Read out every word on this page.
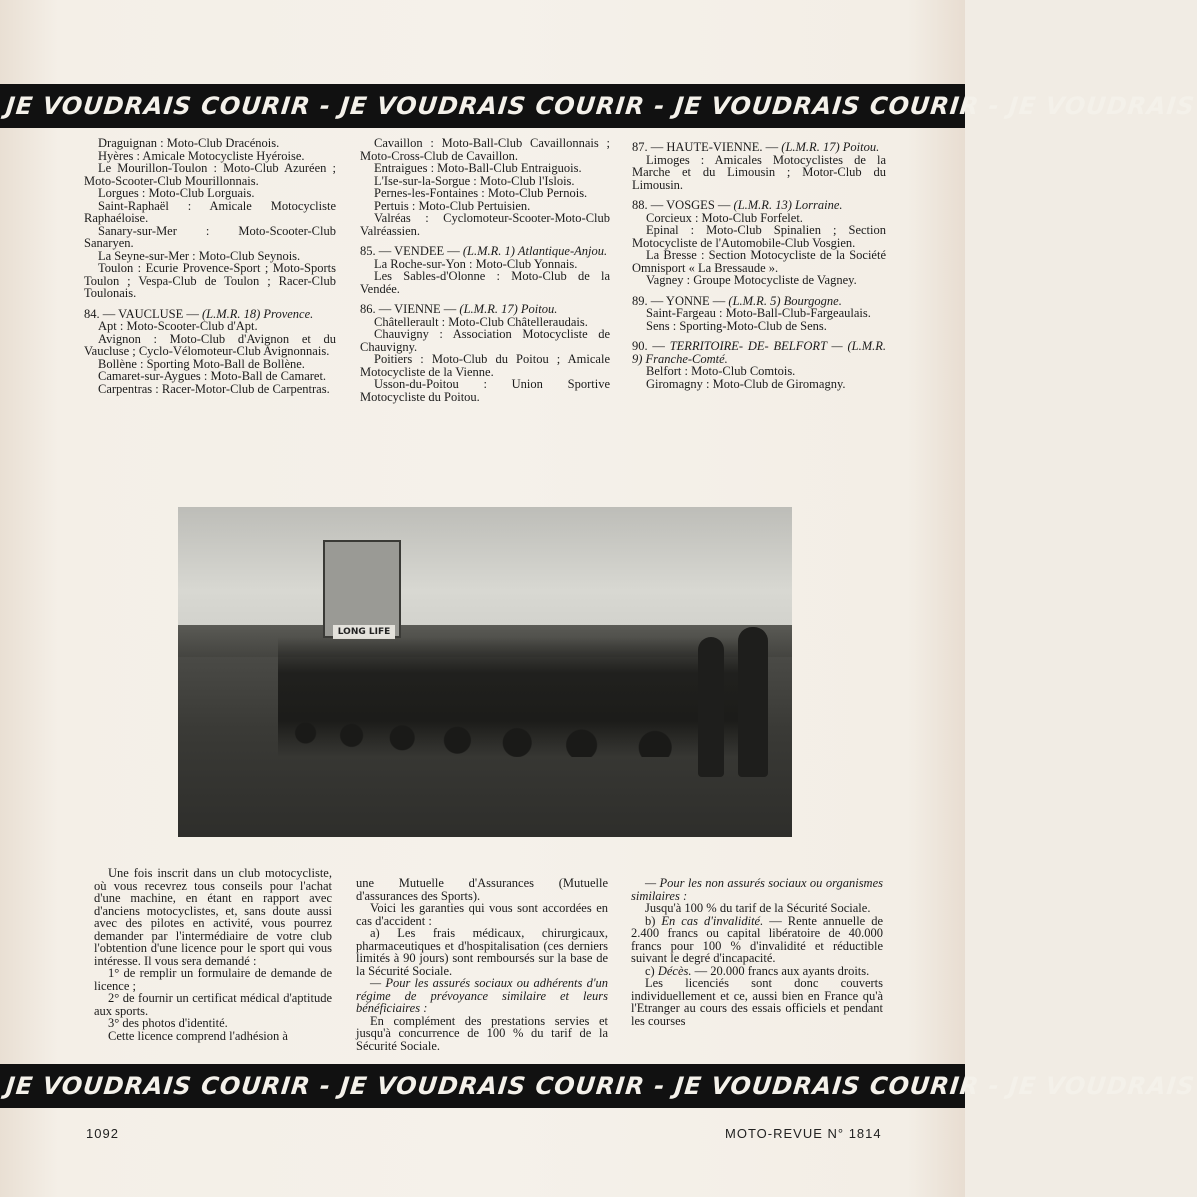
JE VOUDRAIS COURIR - JE VOUDRAIS COURIR - JE VOUDRAIS COURIR - JE VOUDRAIS

Draguignan : Moto-Club Dracénois.

Hyères : Amicale Motocycliste Hyéroise.

Le Mourillon-Toulon : Moto-Club Azuréen ; Moto-Scooter-Club Mourillonnais.

Lorgues : Moto-Club Lorguais.

Saint-Raphaël : Amicale Motocycliste Raphaéloise.

Sanary-sur-Mer : Moto-Scooter-Club Sanaryen.

La Seyne-sur-Mer : Moto-Club Seynois.

Toulon : Ecurie Provence-Sport ; Moto-Sports Toulon ; Vespa-Club de Toulon ; Racer-Club Toulonais.

84. — VAUCLUSE — (L.M.R. 18) Provence.

Apt : Moto-Scooter-Club d'Apt.

Avignon : Moto-Club d'Avignon et du Vaucluse ; Cyclo-Vélomoteur-Club Avignonnais.

Bollène : Sporting Moto-Ball de Bollène.

Camaret-sur-Aygues : Moto-Ball de Camaret.

Carpentras : Racer-Motor-Club de Carpentras.

Cavaillon : Moto-Ball-Club Cavaillonnais ; Moto-Cross-Club de Cavaillon.

Entraigues : Moto-Ball-Club Entraiguois.

L'Ise-sur-la-Sorgue : Moto-Club l'Islois.

Pernes-les-Fontaines : Moto-Club Pernois.

Pertuis : Moto-Club Pertuisien.

Valréas : Cyclomoteur-Scooter-Moto-Club Valréassien.

85. — VENDEE — (L.M.R. 1) Atlantique-Anjou.

La Roche-sur-Yon : Moto-Club Yonnais.

Les Sables-d'Olonne : Moto-Club de la Vendée.

86. — VIENNE — (L.M.R. 17) Poitou.

Châtellerault : Moto-Club Châtelleraudais.

Chauvigny : Association Motocycliste de Chauvigny.

Poitiers : Moto-Club du Poitou ; Amicale Motocycliste de la Vienne.

Usson-du-Poitou : Union Sportive Motocycliste du Poitou.

87. — HAUTE-VIENNE. — (L.M.R. 17) Poitou.

Limoges : Amicales Motocyclistes de la Marche et du Limousin ; Motor-Club du Limousin.

88. — VOSGES — (L.M.R. 13) Lorraine.

Corcieux : Moto-Club Forfelet.

Epinal : Moto-Club Spinalien ; Section Motocycliste de l'Automobile-Club Vosgien.

La Bresse : Section Motocycliste de la Société Omnisport « La Bressaude ».

Vagney : Groupe Motocycliste de Vagney.

89. — YONNE — (L.M.R. 5) Bourgogne.

Saint-Fargeau : Moto-Ball-Club-Fargeaulais.

Sens : Sporting-Moto-Club de Sens.

90. — TERRITOIRE- DE- BELFORT — (L.M.R. 9) Franche-Comté.

Belfort : Moto-Club Comtois.

Giromagny : Moto-Club de Giromagny.

LONG LIFE

Une fois inscrit dans un club motocycliste, où vous recevrez tous conseils pour l'achat d'une machine, en étant en rapport avec d'anciens motocyclistes, et, sans doute aussi avec des pilotes en activité, vous pourrez demander par l'intermédiaire de votre club l'obtention d'une licence pour le sport qui vous intéresse. Il vous sera demandé :

1° de remplir un formulaire de demande de licence ;

2° de fournir un certificat médical d'aptitude aux sports.

3° des photos d'identité.

Cette licence comprend l'adhésion à

une Mutuelle d'Assurances (Mutuelle d'assurances des Sports).

Voici les garanties qui vous sont accordées en cas d'accident :

a) Les frais médicaux, chirurgicaux, pharmaceutiques et d'hospitalisation (ces derniers limités à 90 jours) sont remboursés sur la base de la Sécurité Sociale.

— Pour les assurés sociaux ou adhérents d'un régime de prévoyance similaire et leurs bénéficiaires :

En complément des prestations servies et jusqu'à concurrence de 100 % du tarif de la Sécurité Sociale.

— Pour les non assurés sociaux ou organismes similaires :

Jusqu'à 100 % du tarif de la Sécurité Sociale.

b) En cas d'invalidité. — Rente annuelle de 2.400 francs ou capital libératoire de 40.000 francs pour 100 % d'invalidité et réductible suivant le degré d'incapacité.

c) Décès. — 20.000 francs aux ayants droits.

Les licenciés sont donc couverts individuellement et ce, aussi bien en France qu'à l'Etranger au cours des essais officiels et pendant les courses

JE VOUDRAIS COURIR - JE VOUDRAIS COURIR - JE VOUDRAIS COURIR - JE VOUDRAIS
1092	MOTO-REVUE N° 1814
